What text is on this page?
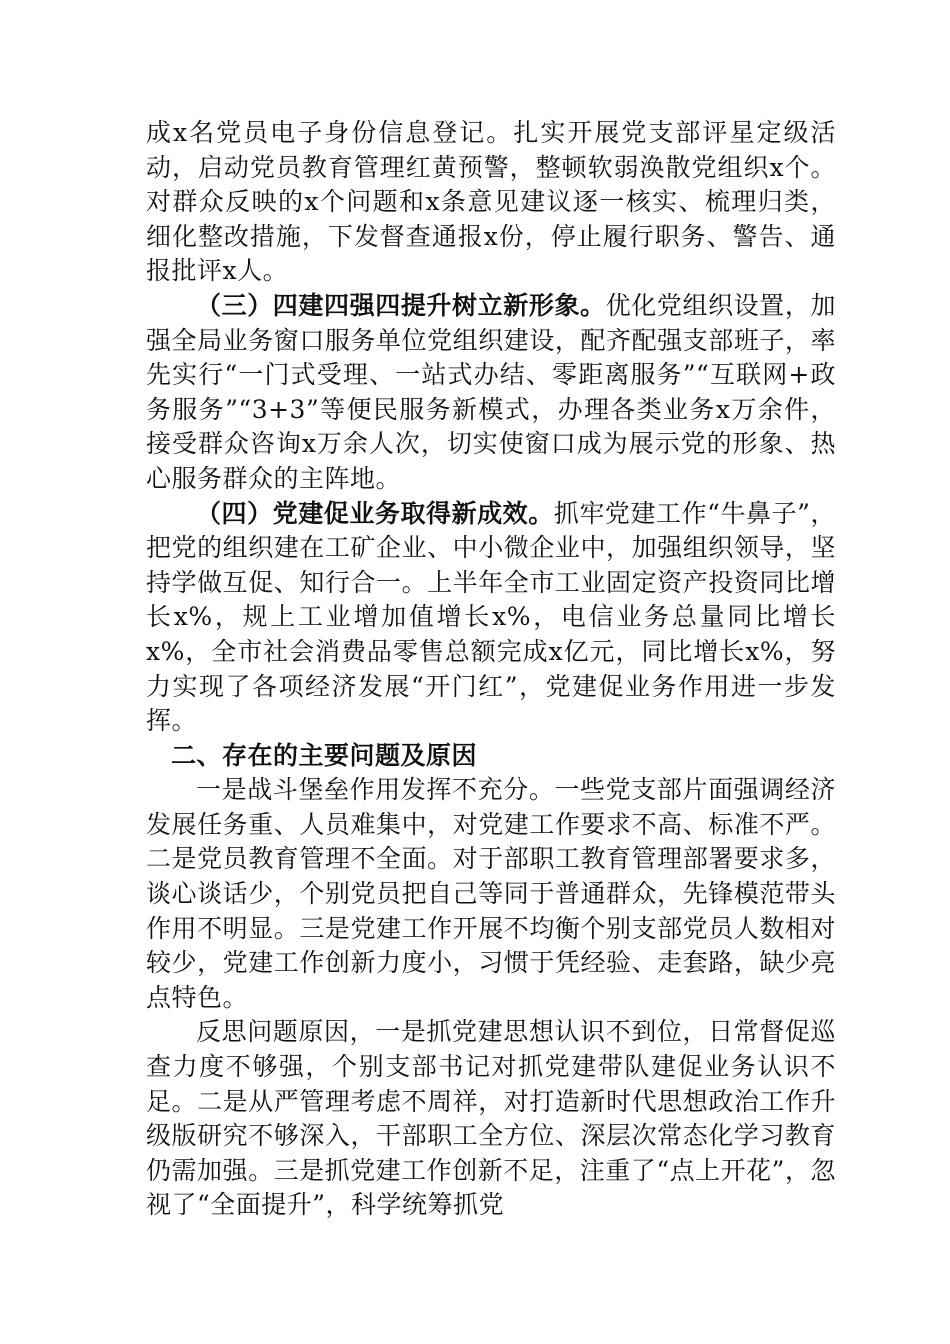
成x名党员电子身份信息登记。扎实开展党支部评星定级活动，启动党员教育管理红黄预警，整顿软弱涣散党组织x个。对群众反映的x个问题和x条意见建议逐一核实、梳理归类，细化整改措施，下发督查通报x份，停止履行职务、警告、通报批评x人。

（三）四建四强四提升树立新形象。优化党组织设置，加强全局业务窗口服务单位党组织建设，配齐配强支部班子，率先实行“一门式受理、一站式办结、零距离服务”“互联网+政务服务”“3+3”等便民服务新模式，办理各类业务x万余件，接受群众咨询x万余人次，切实使窗口成为展示党的形象、热心服务群众的主阵地。

（四）党建促业务取得新成效。抓牢党建工作“牛鼻子”，把党的组织建在工矿企业、中小微企业中，加强组织领导，坚持学做互促、知行合一。上半年全市工业固定资产投资同比增长x%，规上工业增加值增长x%，电信业务总量同比增长x%，全市社会消费品零售总额完成x亿元，同比增长x%，努力实现了各项经济发展“开门红”，党建促业务作用进一步发挥。

二、存在的主要问题及原因

一是战斗堡垒作用发挥不充分。一些党支部片面强调经济发展任务重、人员难集中，对党建工作要求不高、标准不严。二是党员教育管理不全面。对于部职工教育管理部署要求多，谈心谈话少，个别党员把自己等同于普通群众，先锋模范带头作用不明显。三是党建工作开展不均衡个别支部党员人数相对较少，党建工作创新力度小，习惯于凭经验、走套路，缺少亮点特色。

反思问题原因，一是抓党建思想认识不到位，日常督促巡查力度不够强，个别支部书记对抓党建带队建促业务认识不足。二是从严管理考虑不周祥，对打造新时代思想政治工作升级版研究不够深入，干部职工全方位、深层次常态化学习教育仍需加强。三是抓党建工作创新不足，注重了“点上开花”，忽视了“全面提升”，科学统筹抓党
